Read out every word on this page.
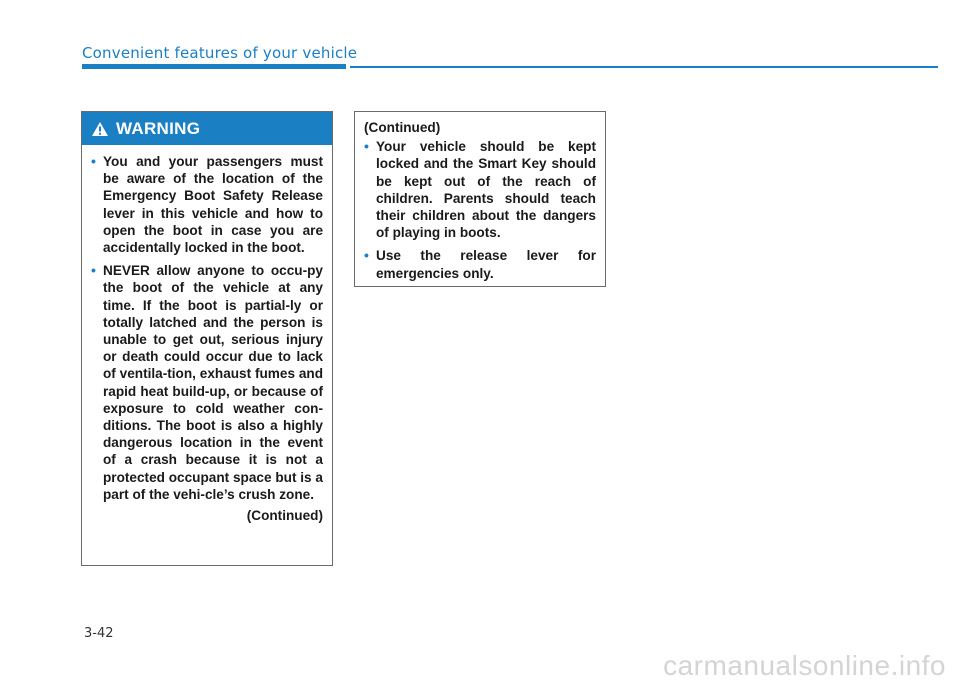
Convenient features of your vehicle
WARNING
• You and your passengers must be aware of the location of the Emergency Boot Safety Release lever in this vehicle and how to open the boot in case you are accidentally locked in the boot.
• NEVER allow anyone to occu-py the boot of the vehicle at any time. If the boot is partial-ly or totally latched and the person is unable to get out, serious injury or death could occur due to lack of ventila-tion, exhaust fumes and rapid heat build-up, or because of exposure to cold weather con-ditions. The boot is also a highly dangerous location in the event of a crash because it is not a protected occupant space but is a part of the vehi-cle’s crush zone.
(Continued)
(Continued)
• Your vehicle should be kept locked and the Smart Key should be kept out of the reach of children. Parents should teach their children about the dangers of playing in boots.
• Use the release lever for emergencies only.
3-42
carmanualsonline.info
